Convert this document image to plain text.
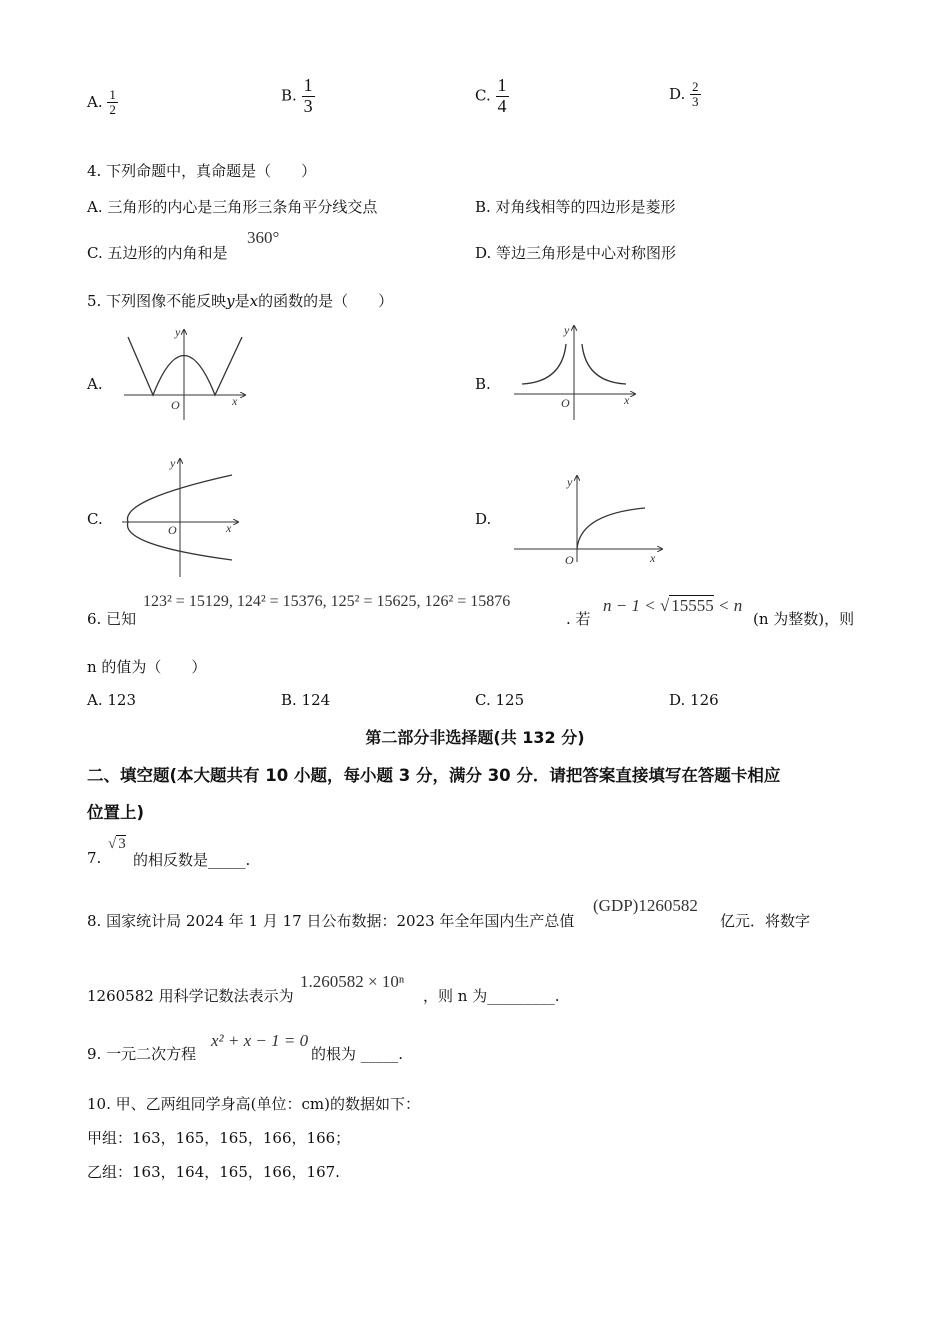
A. $\frac{1}{2}$	B. $\frac{1}{3}$	C. $\frac{1}{4}$	D. $\frac{2}{3}$
4. 下列命题中，真命题是（　　）
A. 三角形的内心是三角形三条角平分线交点	B. 对角线相等的四边形是菱形
C. 五边形的内角和是
360°
D. 等边三角形是中心对称图形
5. 下列图像不能反映y是x的函数的是（　　）
A.	B.
C.	D.
y
x
O
y
x
O
y
x
O
y
x
O
6. 已知
123² = 15129, 124² = 15376, 125² = 15625, 126² = 15876
. 若
n − 1 < √ 15555 < n
(n 为整数)，则
n 的值为（　　）
A. 123	B. 124	C. 125	D. 126
第二部分非选择题(共 132 分)
二、填空题(本大题共有 10 小题，每小题 3 分，满分 30 分．请把答案直接填写在答题卡相应
位置上)
7.
√ 3
的相反数是_____.
8. 国家统计局 2024 年 1 月 17 日公布数据：2023 年全年国内生产总值
(GDP)1260582
亿元．将数字
1260582 用科学记数法表示为
1.260582 × 10ⁿ
，则 n 为_________.
9. 一元二次方程
x² + x − 1 = 0
的根为 _____.
10. 甲、乙两组同学身高(单位：cm)的数据如下：
甲组：163，165，165，166，166；
乙组：163，164，165，166，167.
